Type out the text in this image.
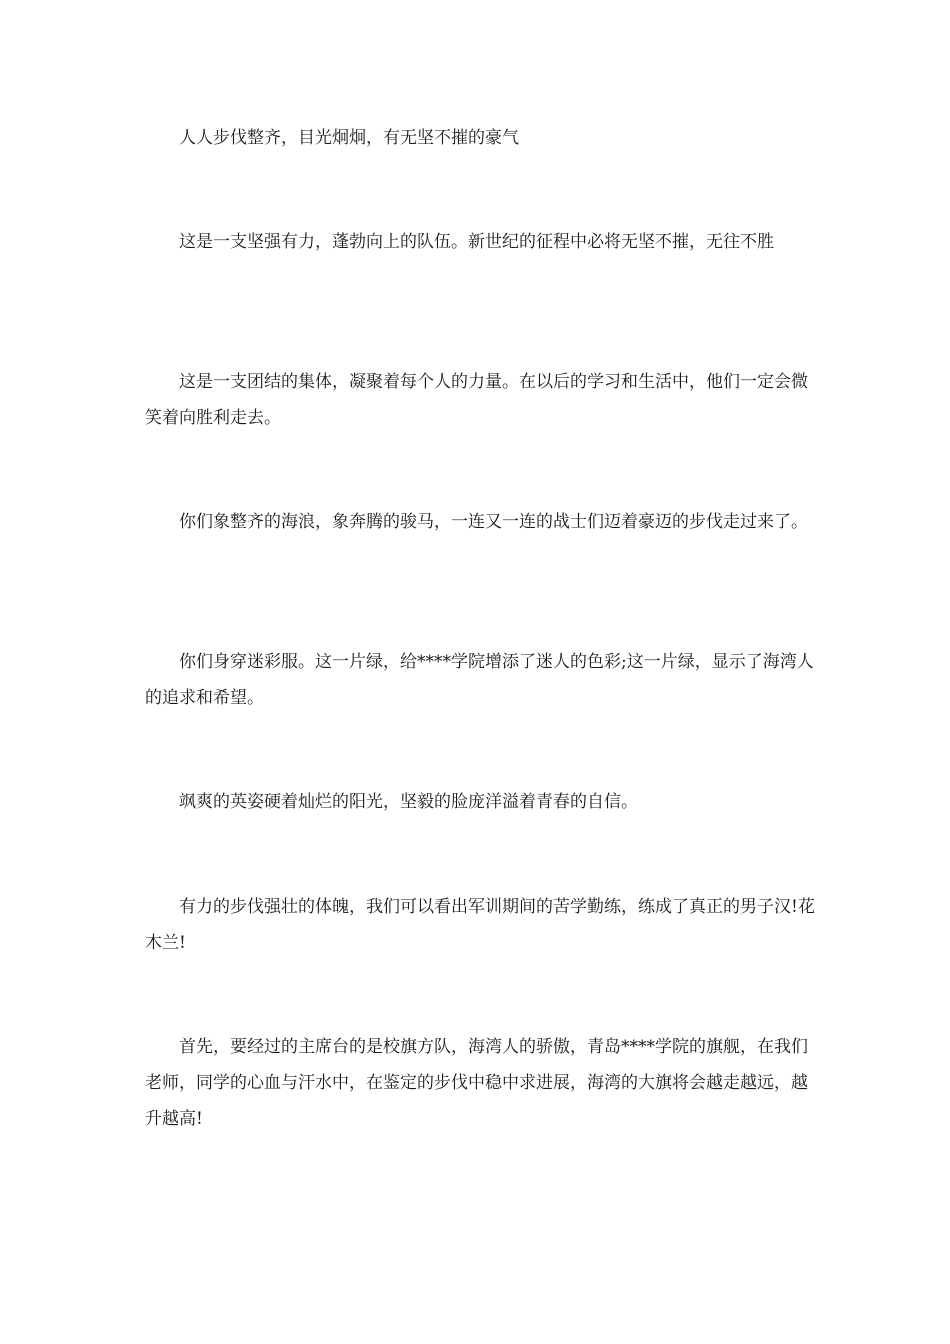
人人步伐整齐，目光炯炯，有无坚不摧的豪气

这是一支坚强有力，蓬勃向上的队伍。新世纪的征程中必将无坚不摧，无往不胜

这是一支团结的集体，凝聚着每个人的力量。在以后的学习和生活中，他们一定会微笑着向胜利走去。

你们象整齐的海浪，象奔腾的骏马，一连又一连的战士们迈着豪迈的步伐走过来了。

你们身穿迷彩服。这一片绿，给****学院增添了迷人的色彩;这一片绿，显示了海湾人的追求和希望。

飒爽的英姿硬着灿烂的阳光，坚毅的脸庞洋溢着青春的自信。

有力的步伐强壮的体魄，我们可以看出军训期间的苦学勤练，练成了真正的男子汉!花木兰!

首先，要经过的主席台的是校旗方队，海湾人的骄傲，青岛****学院的旗舰，在我们老师，同学的心血与汗水中，在鉴定的步伐中稳中求进展，海湾的大旗将会越走越远，越升越高!
